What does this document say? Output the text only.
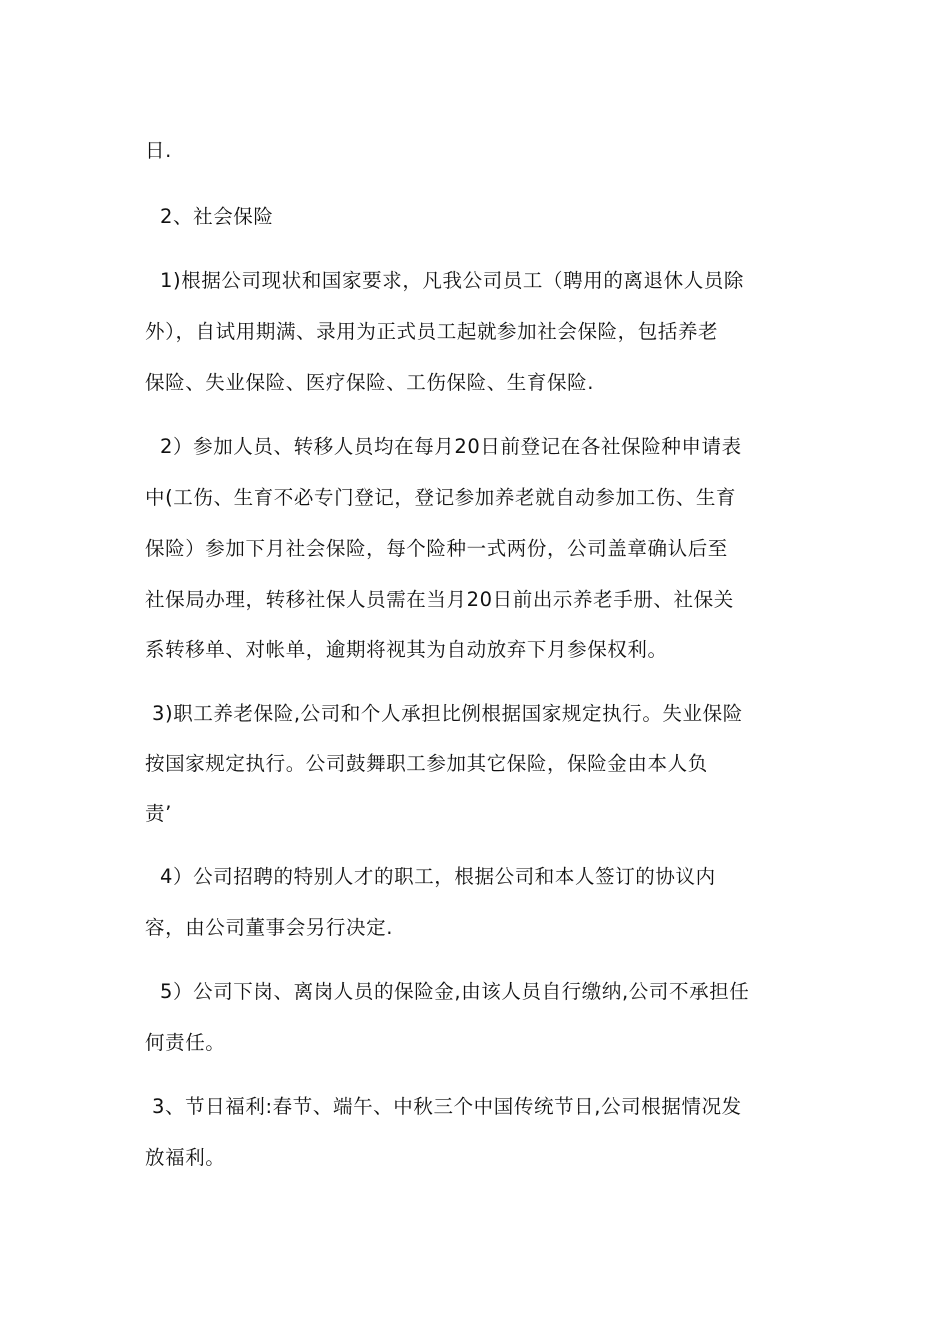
日.
2、社会保险
1)根据公司现状和国家要求，凡我公司员工（聘用的离退休人员除
外），自试用期满、录用为正式员工起就参加社会保险，包括养老
保险、失业保险、医疗保险、工伤保险、生育保险.
2）参加人员、转移人员均在每月20日前登记在各社保险种申请表
中(工伤、生育不必专门登记，登记参加养老就自动参加工伤、生育
保险）参加下月社会保险，每个险种一式两份，公司盖章确认后至
社保局办理，转移社保人员需在当月20日前出示养老手册、社保关
系转移单、对帐单，逾期将视其为自动放弃下月参保权利。
3)职工养老保险,公司和个人承担比例根据国家规定执行。失业保险
按国家规定执行。公司鼓舞职工参加其它保险，保险金由本人负
责’
4）公司招聘的特别人才的职工，根据公司和本人签订的协议内
容，由公司董事会另行决定.
5）公司下岗、离岗人员的保险金,由该人员自行缴纳,公司不承担任
何责任。
3、节日福利:春节、端午、中秋三个中国传统节日,公司根据情况发
放福利。
